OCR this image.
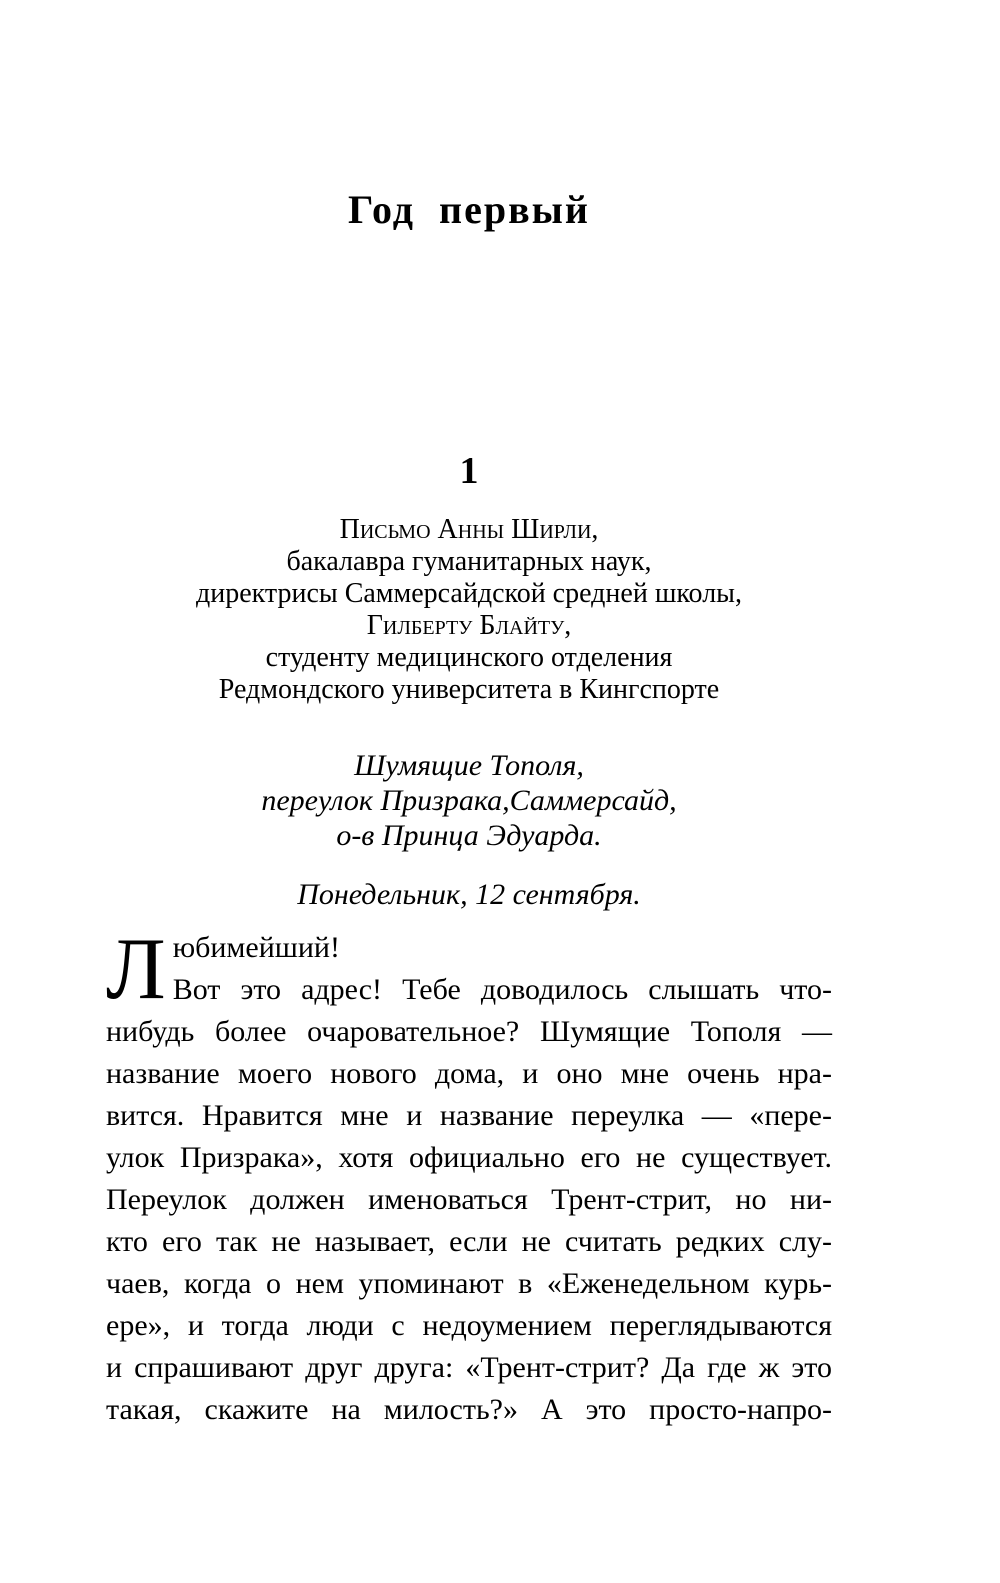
Год первый
1
Письмо Анны Ширли,
бакалавра гуманитарных наук,
директрисы Саммерсайдской средней школы,
Гилберту Блайту,
студенту медицинского отделения
Редмондского университета в Кингспорте
Шумящие Тополя,
переулок Призрака,Саммерсайд,
о-в Принца Эдуарда.
Понедельник, 12 сентября.
Любимейший!
Вот это адрес! Тебе доводилось слышать что-
нибудь более очаровательное? Шумящие Тополя —
название моего нового дома, и оно мне очень нра-
вится. Нравится мне и название переулка — «пере-
улок Призрака», хотя официально его не существует.
Переулок должен именоваться Трент-стрит, но ни-
кто его так не называет, если не считать редких слу-
чаев, когда о нем упоминают в «Еженедельном курь-
ере», и тогда люди с недоумением переглядываются
и спрашивают друг друга: «Трент-стрит? Да где ж это
такая, скажите на милость?» А это просто-напро-
